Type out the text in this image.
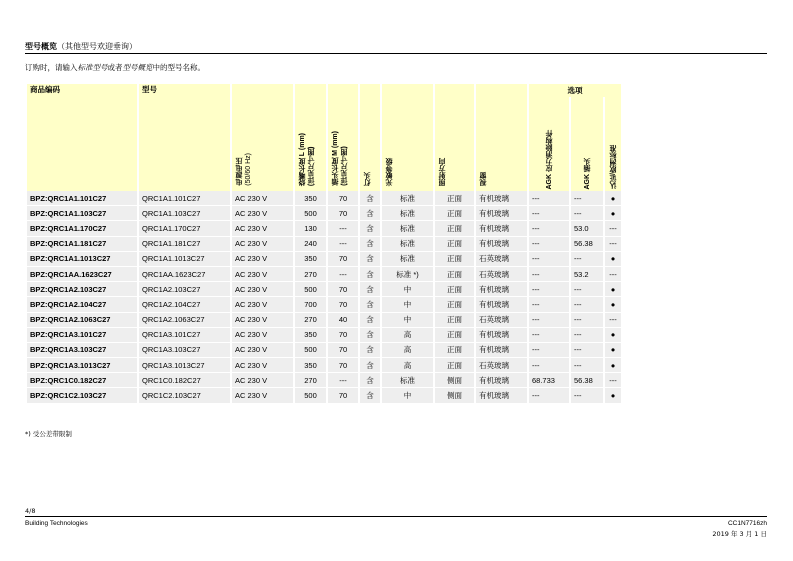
型号概览（其他型号欢迎垂询）
订购时，请输入标准型号或者型号概览中的型号名称。
商品编码	型号	电源电压 (50/60 Hz)	烧嘴长度 L (mm) (详见尺寸图)	插头长度 M (mm) (详见尺寸图)	灯头	光敏等级	照射方向	视窗	选项		
									AGK 应力消除构件	AGK 插头	认证/欧洲标准
BPZ:QRC1A1.101C27	QRC1A1.101C27	AC 230 V	350	70	含	标准	正面	有机玻璃	---	---	●
BPZ:QRC1A1.103C27	QRC1A1.103C27	AC 230 V	500	70	含	标准	正面	有机玻璃	---	---	●
BPZ:QRC1A1.170C27	QRC1A1.170C27	AC 230 V	130	---	含	标准	正面	有机玻璃	---	53.0	---
BPZ:QRC1A1.181C27	QRC1A1.181C27	AC 230 V	240	---	含	标准	正面	有机玻璃	---	56.38	---
BPZ:QRC1A1.1013C27	QRC1A1.1013C27	AC 230 V	350	70	含	标准	正面	石英玻璃	---	---	●
BPZ:QRC1AA.1623C27	QRC1AA.1623C27	AC 230 V	270	---	含	标准 *)	正面	石英玻璃	---	53.2	---
BPZ:QRC1A2.103C27	QRC1A2.103C27	AC 230 V	500	70	含	中	正面	有机玻璃	---	---	●
BPZ:QRC1A2.104C27	QRC1A2.104C27	AC 230 V	700	70	含	中	正面	有机玻璃	---	---	●
BPZ:QRC1A2.1063C27	QRC1A2.1063C27	AC 230 V	270	40	含	中	正面	石英玻璃	---	---	---
BPZ:QRC1A3.101C27	QRC1A3.101C27	AC 230 V	350	70	含	高	正面	有机玻璃	---	---	●
BPZ:QRC1A3.103C27	QRC1A3.103C27	AC 230 V	500	70	含	高	正面	有机玻璃	---	---	●
BPZ:QRC1A3.1013C27	QRC1A3.1013C27	AC 230 V	350	70	含	高	正面	石英玻璃	---	---	●
BPZ:QRC1C0.182C27	QRC1C0.182C27	AC 230 V	270	---	含	标准	侧面	有机玻璃	68.733	56.38	---
BPZ:QRC1C2.103C27	QRC1C2.103C27	AC 230 V	500	70	含	中	侧面	有机玻璃	---	---	●
*) 受公差带限制
4/8
Building Technologies	CC1N7716zh
2019 年 3 月 1 日
